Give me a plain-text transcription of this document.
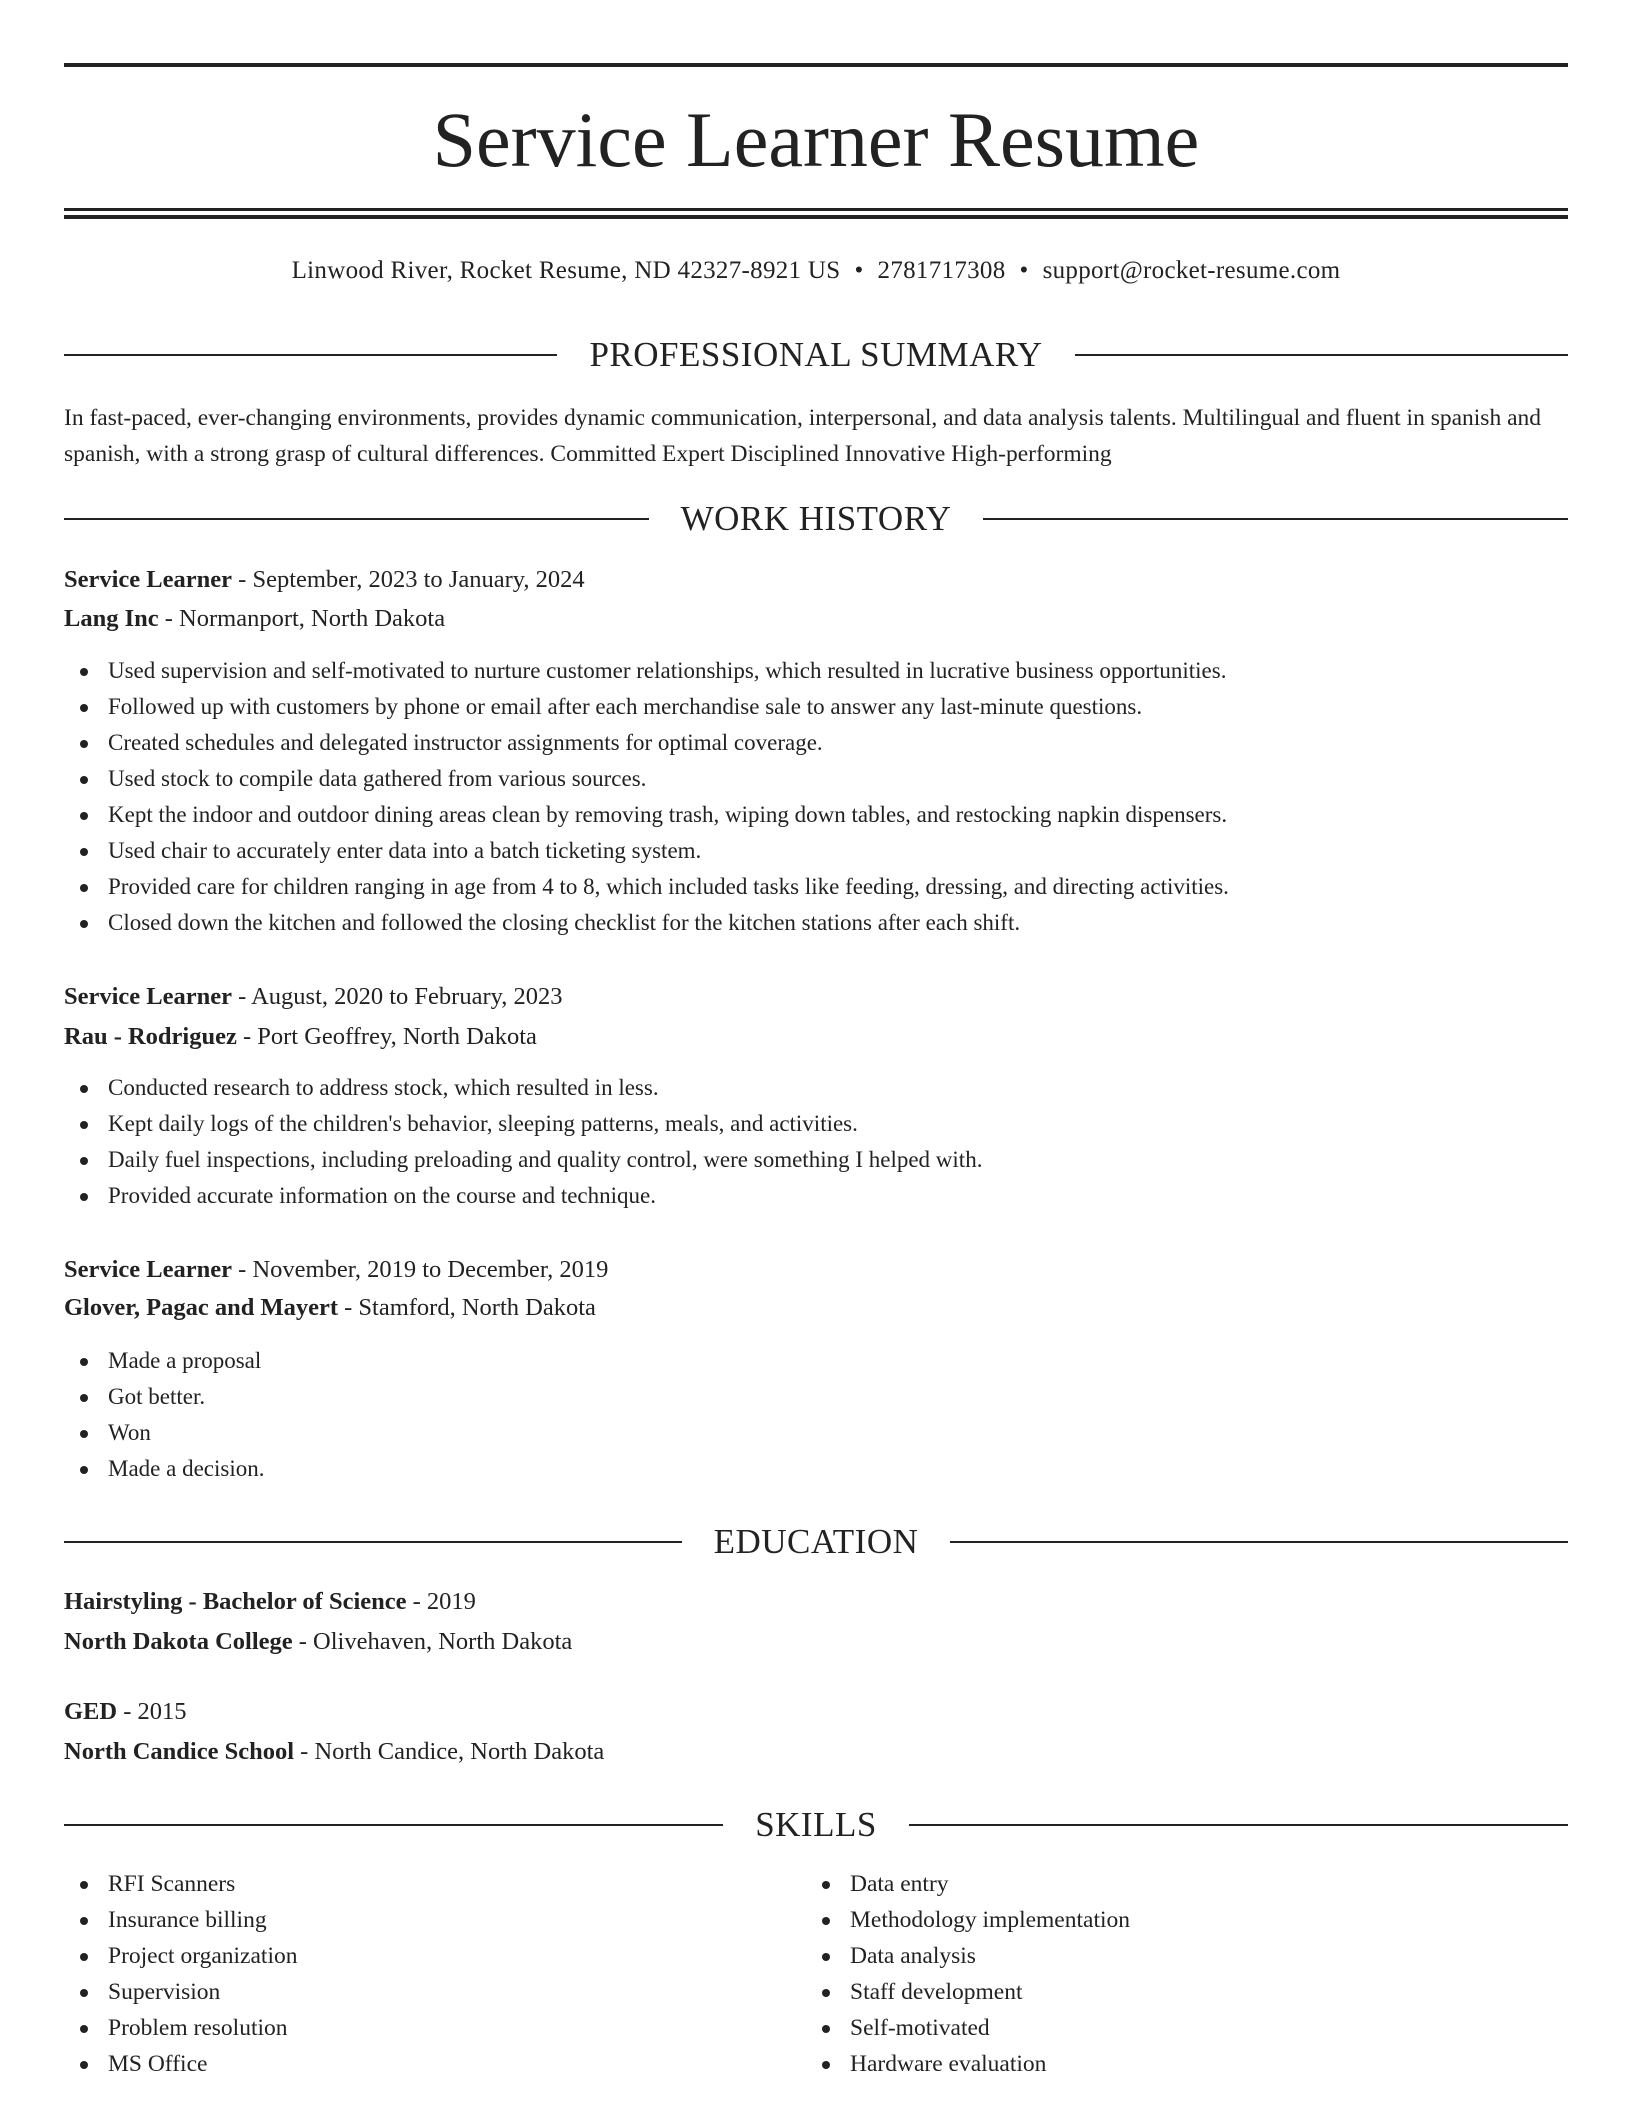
Service Learner Resume
Linwood River, Rocket Resume, ND 42327-8921 US • 2781717308 • support@rocket-resume.com
PROFESSIONAL SUMMARY

In fast-paced, ever-changing environments, provides dynamic communication, interpersonal, and data analysis talents. Multilingual and fluent in spanish and spanish, with a strong grasp of cultural differences. Committed Expert Disciplined Innovative High-performing

WORK HISTORY
Service Learner - September, 2023 to January, 2024
Lang Inc - Normanport, North Dakota
Used supervision and self-motivated to nurture customer relationships, which resulted in lucrative business opportunities.
Followed up with customers by phone or email after each merchandise sale to answer any last-minute questions.
Created schedules and delegated instructor assignments for optimal coverage.
Used stock to compile data gathered from various sources.
Kept the indoor and outdoor dining areas clean by removing trash, wiping down tables, and restocking napkin dispensers.
Used chair to accurately enter data into a batch ticketing system.
Provided care for children ranging in age from 4 to 8, which included tasks like feeding, dressing, and directing activities.
Closed down the kitchen and followed the closing checklist for the kitchen stations after each shift.
Service Learner - August, 2020 to February, 2023
Rau - Rodriguez - Port Geoffrey, North Dakota
Conducted research to address stock, which resulted in less.
Kept daily logs of the children's behavior, sleeping patterns, meals, and activities.
Daily fuel inspections, including preloading and quality control, were something I helped with.
Provided accurate information on the course and technique.
Service Learner - November, 2019 to December, 2019
Glover, Pagac and Mayert - Stamford, North Dakota
Made a proposal
Got better.
Won
Made a decision.
EDUCATION
Hairstyling - Bachelor of Science - 2019
North Dakota College - Olivehaven, North Dakota
GED - 2015
North Candice School - North Candice, North Dakota
SKILLS
RFI Scanners
Insurance billing
Project organization
Supervision
Problem resolution
MS Office
Data entry
Methodology implementation
Data analysis
Staff development
Self-motivated
Hardware evaluation
